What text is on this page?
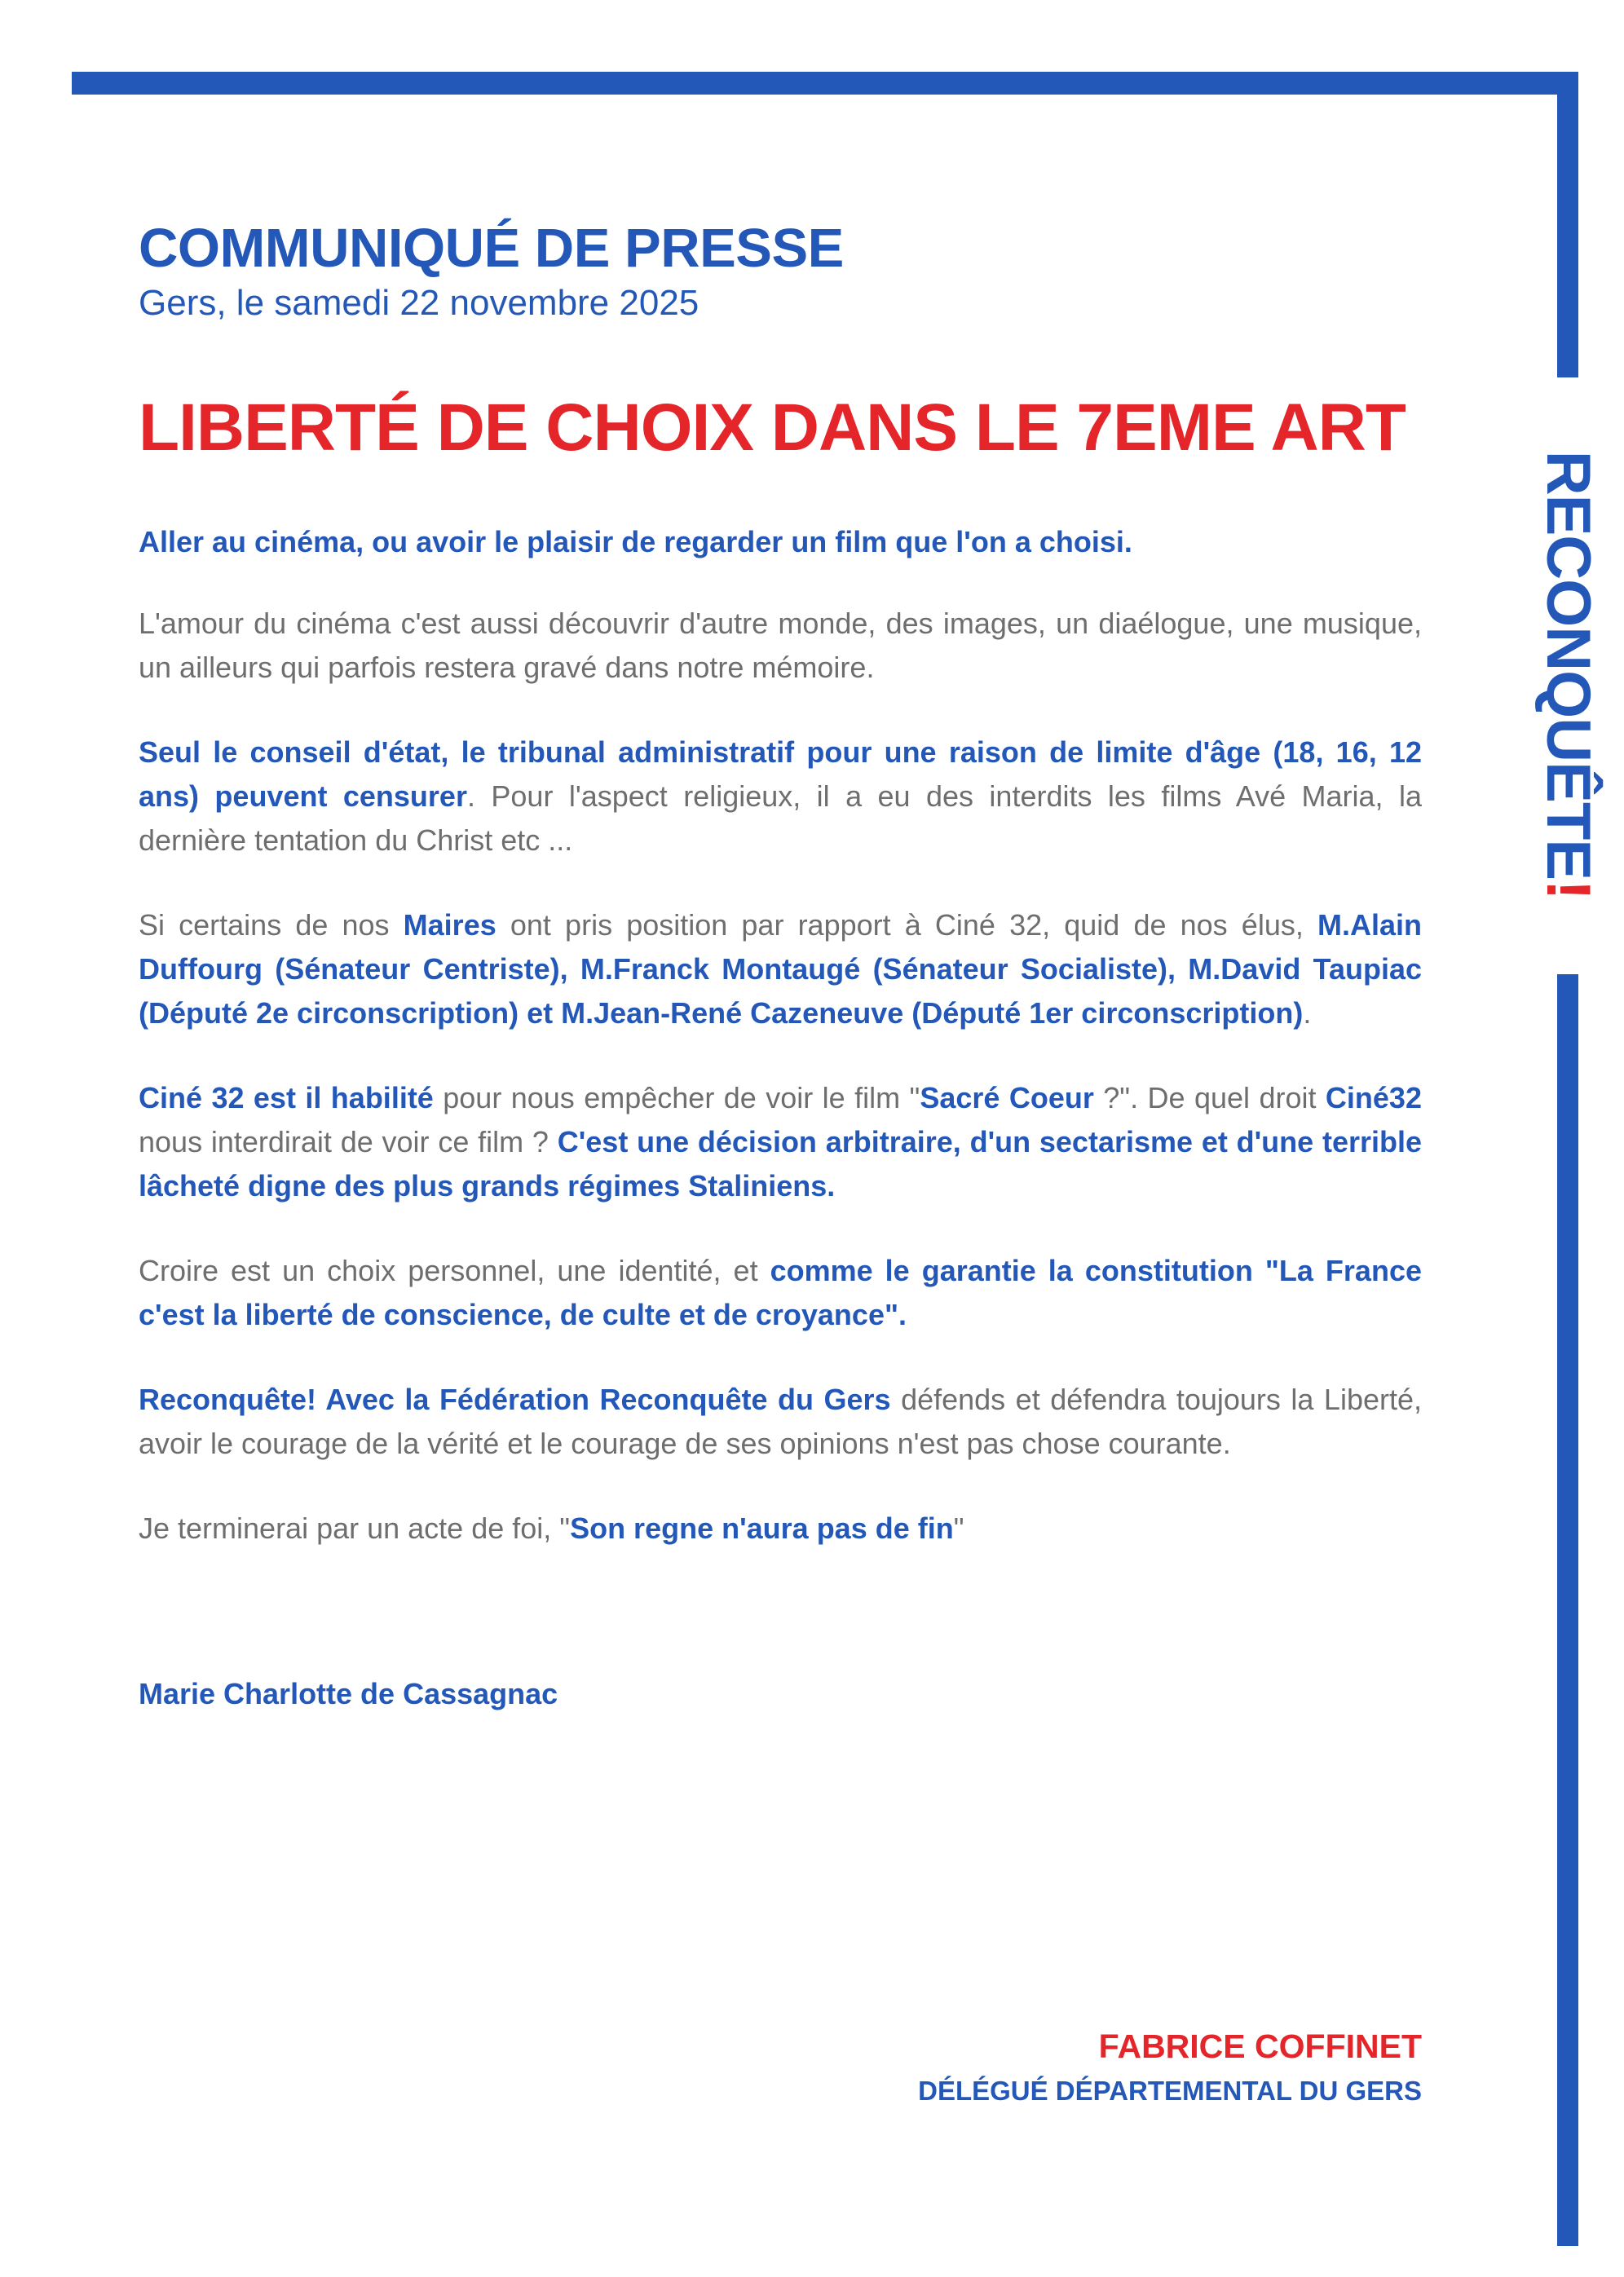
RECONQUÊTE!
COMMUNIQUÉ DE PRESSE

Gers, le samedi 22 novembre 2025

LIBERTÉ DE CHOIX DANS LE 7EME ART

Aller au cinéma, ou avoir le plaisir de regarder un film que l'on a choisi.

L'amour du cinéma c'est aussi découvrir d'autre monde, des images, un diaélogue, une musique, un ailleurs qui parfois restera gravé dans notre mémoire.

Seul le conseil d'état, le tribunal administratif pour une raison de limite d'âge (18, 16, 12 ans) peuvent censurer. Pour l'aspect religieux, il a eu des interdits les films Avé Maria, la dernière tentation du Christ etc ...

Si certains de nos Maires ont pris position par rapport à Ciné 32, quid de nos élus, M.Alain Duffourg (Sénateur Centriste), M.Franck Montaugé (Sénateur Socialiste), M.David Taupiac (Député 2e circonscription) et M.Jean-René Cazeneuve (Député 1er circonscription).

Ciné 32 est il habilité pour nous empêcher de voir le film "Sacré Coeur ?". De quel droit Ciné32 nous interdirait de voir ce film ? C'est une décision arbitraire, d'un sectarisme et d'une terrible lâcheté digne des plus grands régimes Staliniens.

Croire est un choix personnel, une identité, et comme le garantie la constitution "La France c'est la liberté de conscience, de culte et de croyance".

Reconquête! Avec la Fédération Reconquête du Gers défends et défendra toujours la Liberté, avoir le courage de la vérité et le courage de ses opinions n'est pas chose courante.

Je terminerai par un acte de foi, "Son regne n'aura pas de fin"

Marie Charlotte de Cassagnac

FABRICE COFFINET

DÉLÉGUÉ DÉPARTEMENTAL DU GERS
